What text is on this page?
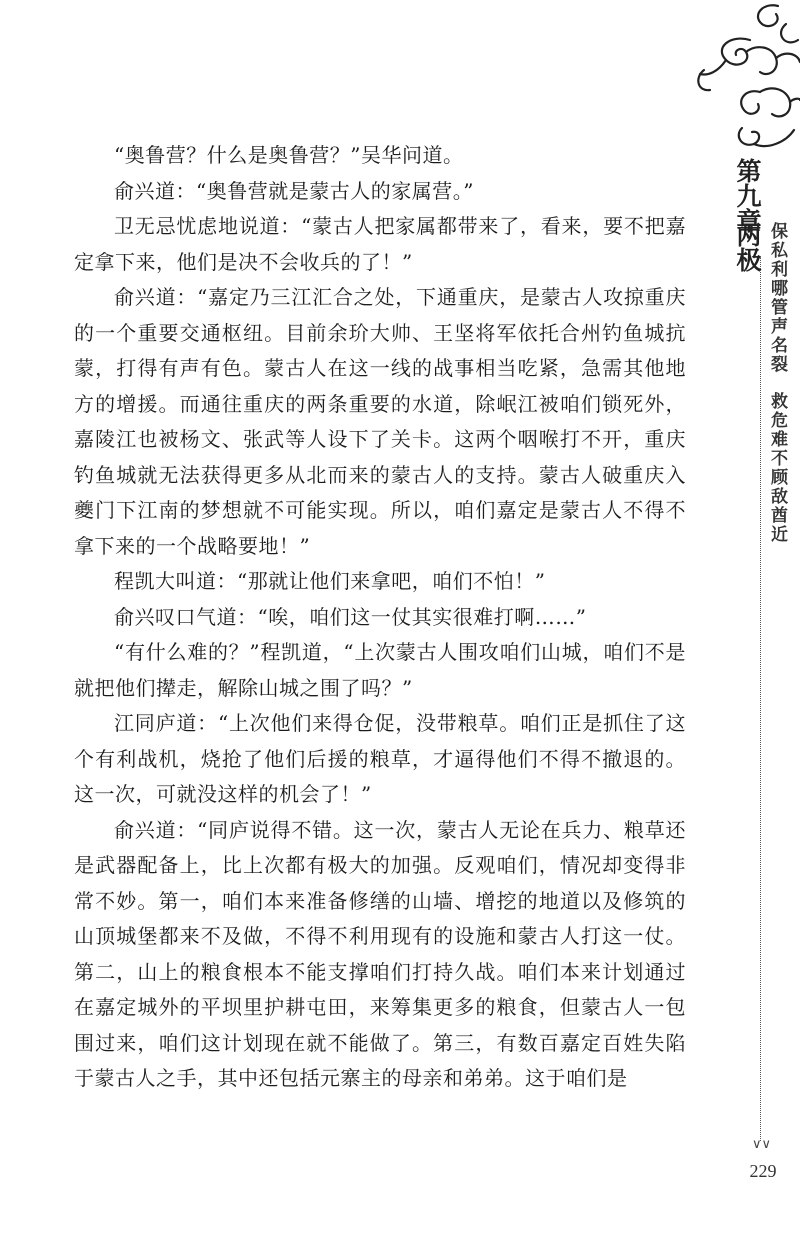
第九章
两极 保私利哪管声名裂
救危难不顾敌酋近
∨∨
229

“奥鲁营？什么是奥鲁营？”吴华问道。

俞兴道：“奥鲁营就是蒙古人的家属营。”

卫无忌忧虑地说道：“蒙古人把家属都带来了，看来，要不把嘉定拿下来，他们是决不会收兵的了！”

俞兴道：“嘉定乃三江汇合之处，下通重庆，是蒙古人攻掠重庆的一个重要交通枢纽。目前余玠大帅、王坚将军依托合州钓鱼城抗蒙，打得有声有色。蒙古人在这一线的战事相当吃紧，急需其他地方的增援。而通往重庆的两条重要的水道，除岷江被咱们锁死外，嘉陵江也被杨文、张武等人设下了关卡。这两个咽喉打不开，重庆钓鱼城就无法获得更多从北而来的蒙古人的支持。蒙古人破重庆入夔门下江南的梦想就不可能实现。所以，咱们嘉定是蒙古人不得不拿下来的一个战略要地！”

程凯大叫道：“那就让他们来拿吧，咱们不怕！”

俞兴叹口气道：“唉，咱们这一仗其实很难打啊……”

“有什么难的？”程凯道，“上次蒙古人围攻咱们山城，咱们不是就把他们撵走，解除山城之围了吗？”

江同庐道：“上次他们来得仓促，没带粮草。咱们正是抓住了这个有利战机，烧抢了他们后援的粮草，才逼得他们不得不撤退的。这一次，可就没这样的机会了！”

俞兴道：“同庐说得不错。这一次，蒙古人无论在兵力、粮草还是武器配备上，比上次都有极大的加强。反观咱们，情况却变得非常不妙。第一，咱们本来准备修缮的山墙、增挖的地道以及修筑的山顶城堡都来不及做，不得不利用现有的设施和蒙古人打这一仗。第二，山上的粮食根本不能支撑咱们打持久战。咱们本来计划通过在嘉定城外的平坝里护耕屯田，来筹集更多的粮食，但蒙古人一包围过来，咱们这计划现在就不能做了。第三，有数百嘉定百姓失陷于蒙古人之手，其中还包括元寨主的母亲和弟弟。这于咱们是
